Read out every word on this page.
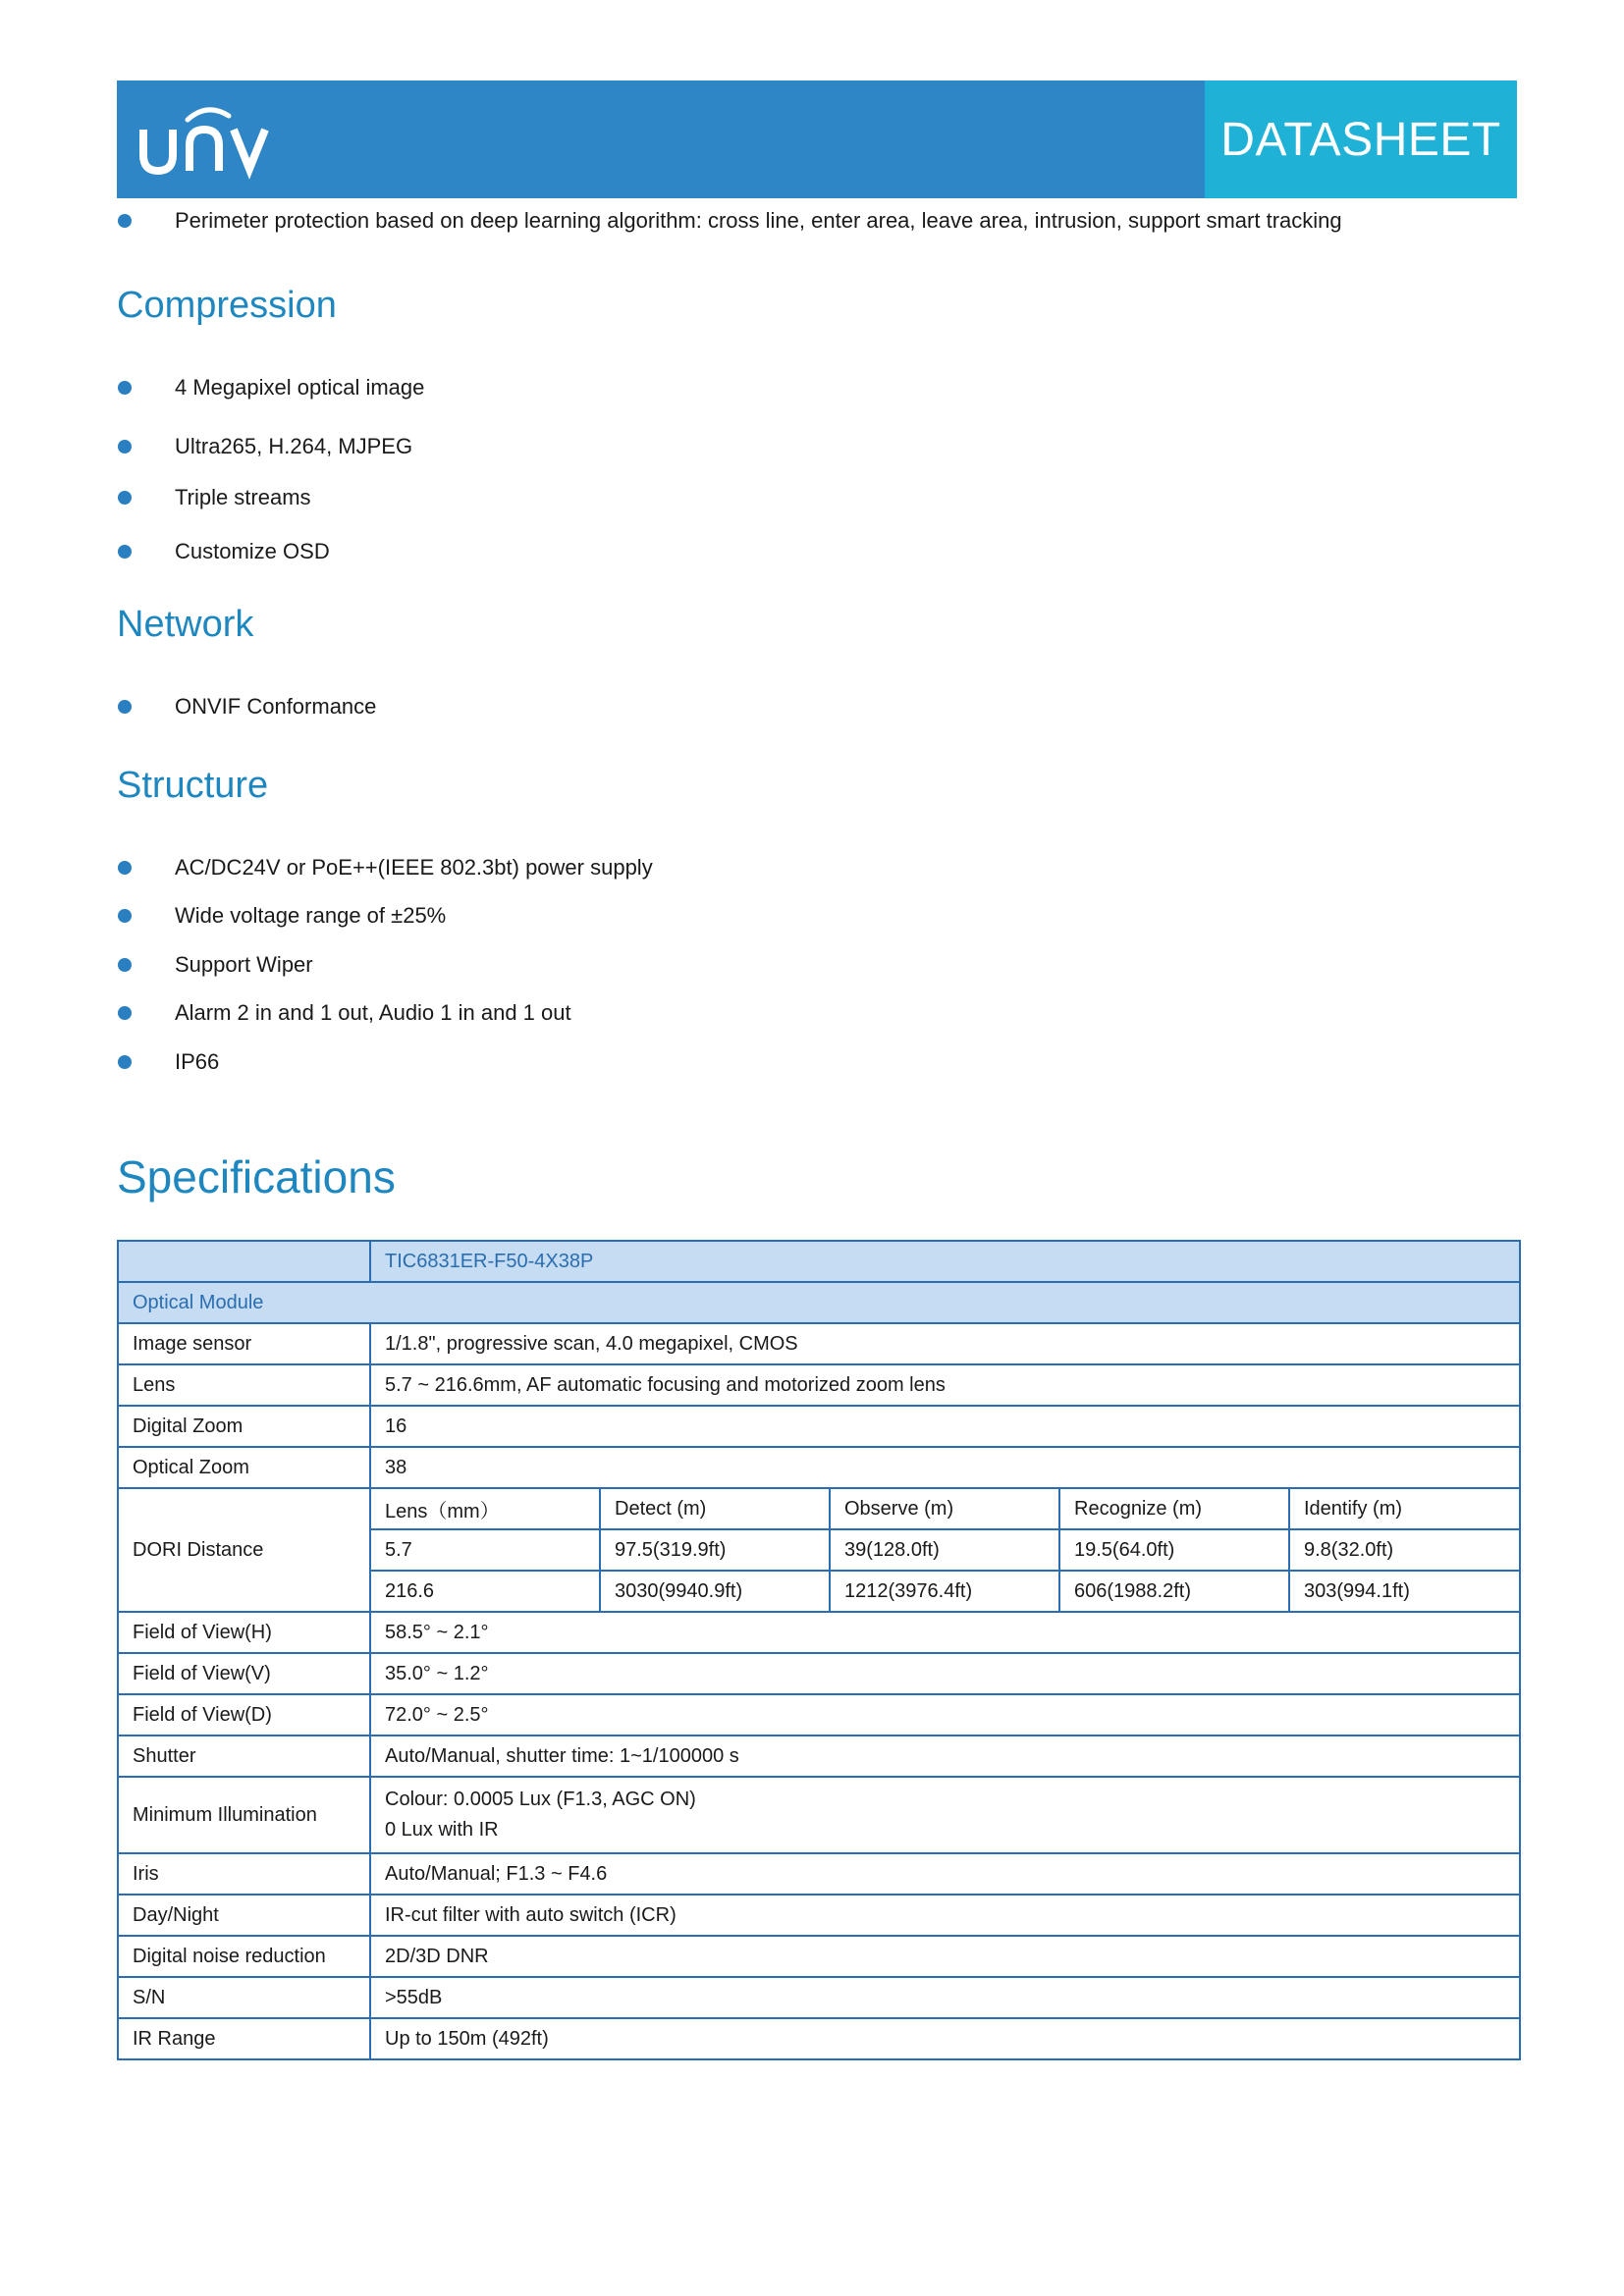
DATASHEET
Perimeter protection based on deep learning algorithm: cross line, enter area, leave area, intrusion, support smart tracking
Compression
4 Megapixel optical image
Ultra265, H.264, MJPEG
Triple streams
Customize OSD
Network
ONVIF Conformance
Structure
AC/DC24V or PoE++(IEEE 802.3bt) power supply
Wide voltage range of ±25%
Support Wiper
Alarm 2 in and 1 out, Audio 1 in and 1 out
IP66
Specifications
	TIC6831ER-F50-4X38P				
Optical Module					
Image sensor	1/1.8", progressive scan, 4.0 megapixel, CMOS				
Lens	5.7 ~ 216.6mm, AF automatic focusing and motorized zoom lens				
Digital Zoom	16				
Optical Zoom	38				
DORI Distance	Lens（mm）	Detect (m)	Observe (m)	Recognize (m)	Identify (m)
	5.7	97.5(319.9ft)	39(128.0ft)	19.5(64.0ft)	9.8(32.0ft)
	216.6	3030(9940.9ft)	1212(3976.4ft)	606(1988.2ft)	303(994.1ft)
Field of View(H)	58.5° ~ 2.1°				
Field of View(V)	35.0° ~ 1.2°				
Field of View(D)	72.0° ~ 2.5°				
Shutter	Auto/Manual, shutter time: 1~1/100000 s				
Minimum Illumination	Colour: 0.0005 Lux (F1.3, AGC ON)
0 Lux with IR				

Iris	Auto/Manual; F1.3 ~ F4.6				
Day/Night	IR-cut filter with auto switch (ICR)				
Digital noise reduction	2D/3D DNR				
S/N	>55dB				
IR Range	Up to 150m (492ft)				
